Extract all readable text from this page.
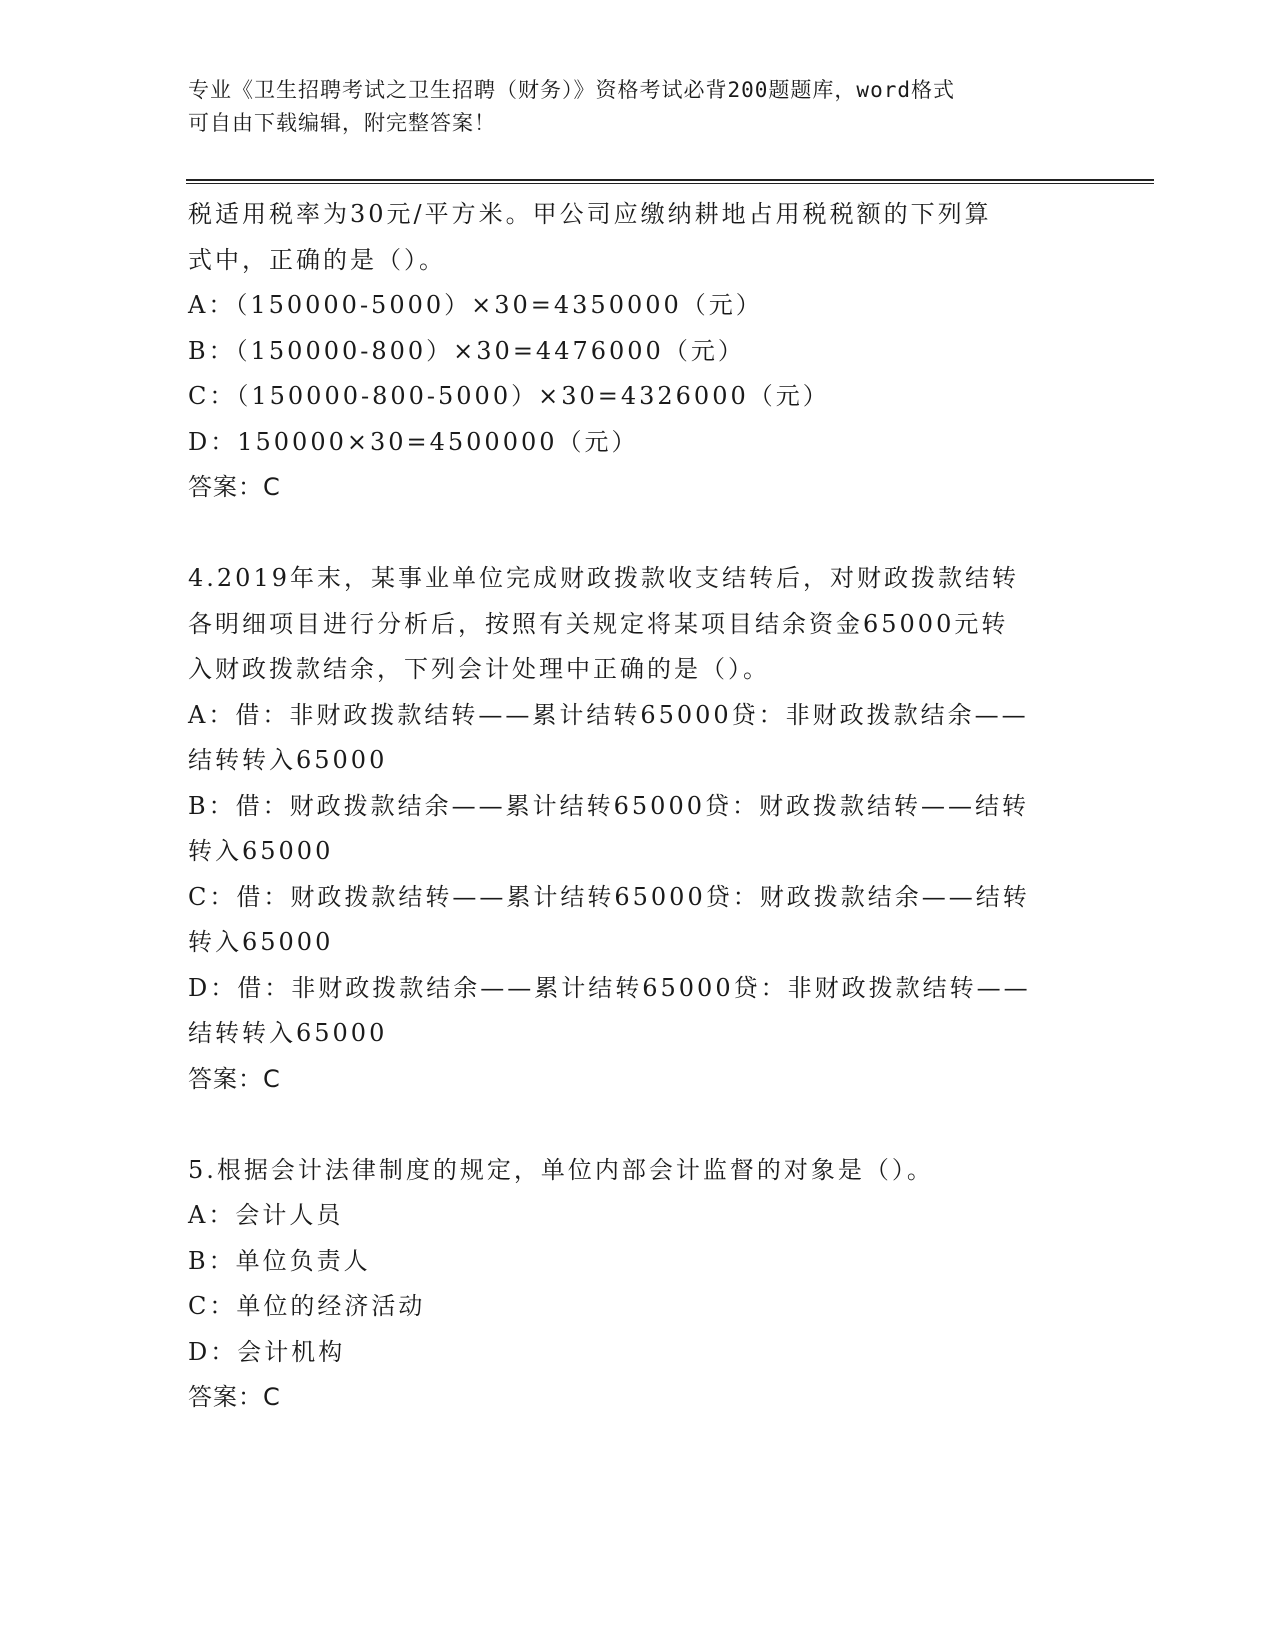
专业《卫生招聘考试之卫生招聘（财务）》资格考试必背200题题库，word格式
可自由下载编辑，附完整答案！
税适用税率为30元/平方米。甲公司应缴纳耕地占用税税额的下列算
式中，正确的是（）。
A：（150000-5000）×30=4350000（元）
B：（150000-800）×30=4476000（元）
C：（150000-800-5000）×30=4326000（元）
D：150000×30=4500000（元）
答案：C
4.2019年末，某事业单位完成财政拨款收支结转后，对财政拨款结转
各明细项目进行分析后，按照有关规定将某项目结余资金65000元转
入财政拨款结余，下列会计处理中正确的是（）。
A：借：非财政拨款结转——累计结转65000贷：非财政拨款结余——
结转转入65000
B：借：财政拨款结余——累计结转65000贷：财政拨款结转——结转
转入65000
C：借：财政拨款结转——累计结转65000贷：财政拨款结余——结转
转入65000
D：借：非财政拨款结余——累计结转65000贷：非财政拨款结转——
结转转入65000
答案：C
5.根据会计法律制度的规定，单位内部会计监督的对象是（）。
A：会计人员
B：单位负责人
C：单位的经济活动
D：会计机构
答案：C
